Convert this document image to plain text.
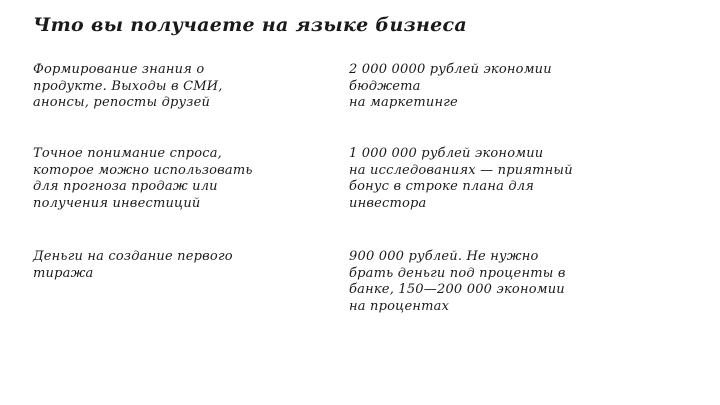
Что вы получаете на языке бизнеса
Формирование знания о
продукте. Выходы в СМИ,
анонсы, репосты друзей
2 000 0000 рублей экономии
бюджета
на маркетинге
Точное понимание спроса,
которое можно использовать
для прогноза продаж или
получения инвестиций
1 000 000 рублей экономии
на исследованиях — приятный
бонус в строке плана для
инвестора
Деньги на создание первого
тиража
900 000 рублей. Не нужно
брать деньги под проценты в
банке, 150—200 000 экономии
на процентах
